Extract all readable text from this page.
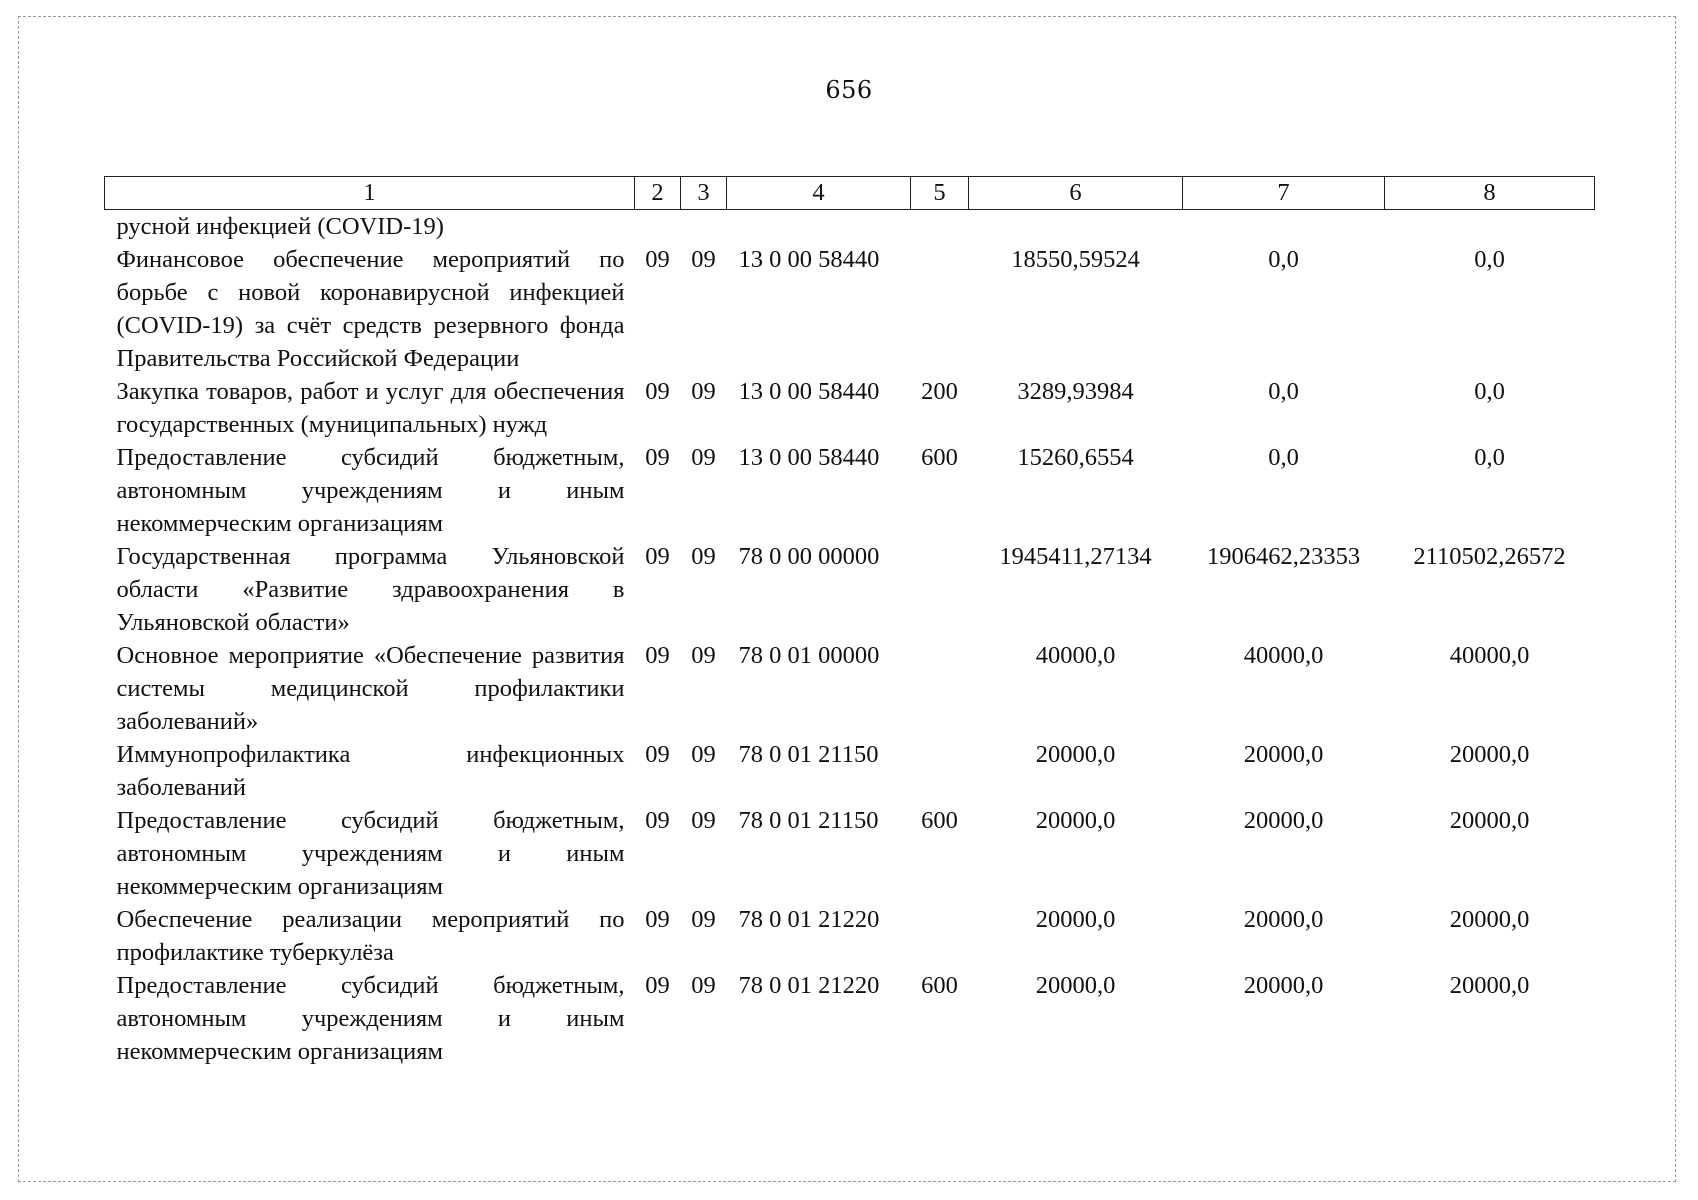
656
1	2	3	4	5	6	7	8
русной инфекцией (COVID-19)							
Финансовое обеспечение мероприятий по борьбе с новой коронавирусной инфекцией (COVID-19) за счёт средств резервного фонда Правительства Российской Федерации	09	09	13 0 00 58440		18550,59524	0,0	0,0
Закупка товаров, работ и услуг для обеспечения государственных (муниципальных) нужд	09	09	13 0 00 58440	200	3289,93984	0,0	0,0
Предоставление субсидий бюджетным, автономным учреждениям и иным некоммерческим организациям	09	09	13 0 00 58440	600	15260,6554	0,0	0,0
Государственная программа Ульяновской области «Развитие здравоохранения в Ульяновской области»	09	09	78 0 00 00000		1945411,27134	1906462,23353	2110502,26572
Основное мероприятие «Обеспечение развития системы медицинской профилактики заболеваний»	09	09	78 0 01 00000		40000,0	40000,0	40000,0
Иммунопрофилактика инфекционных заболеваний	09	09	78 0 01 21150		20000,0	20000,0	20000,0
Предоставление субсидий бюджетным, автономным учреждениям и иным некоммерческим организациям	09	09	78 0 01 21150	600	20000,0	20000,0	20000,0
Обеспечение реализации мероприятий по профилактике туберкулёза	09	09	78 0 01 21220		20000,0	20000,0	20000,0
Предоставление субсидий бюджетным, автономным учреждениям и иным некоммерческим организациям	09	09	78 0 01 21220	600	20000,0	20000,0	20000,0
